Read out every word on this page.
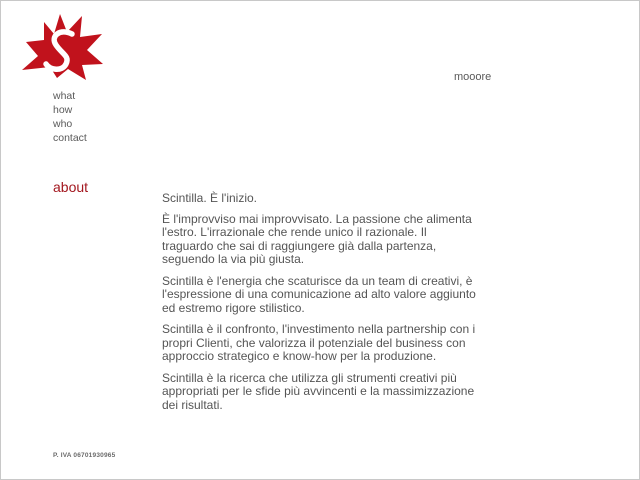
mooore
what
how
who
contact
about

Scintilla. È l'inizio.

È l'improvviso mai improvvisato. La passione che alimenta l'estro. L'irrazionale che rende unico il razionale. Il traguardo che sai di raggiungere già dalla partenza, seguendo la via più giusta.

Scintilla è l'energia che scaturisce da un team di creativi, è l'espressione di una comunicazione ad alto valore aggiunto ed estremo rigore stilistico.

Scintilla è il confronto, l'investimento nella partnership con i propri Clienti, che valorizza il potenziale del business con approccio strategico e know-how per la produzione.

Scintilla è la ricerca che utilizza gli strumenti creativi più appropriati per le sfide più avvincenti e la massimizzazione dei risultati.

P. IVA 06701930965
